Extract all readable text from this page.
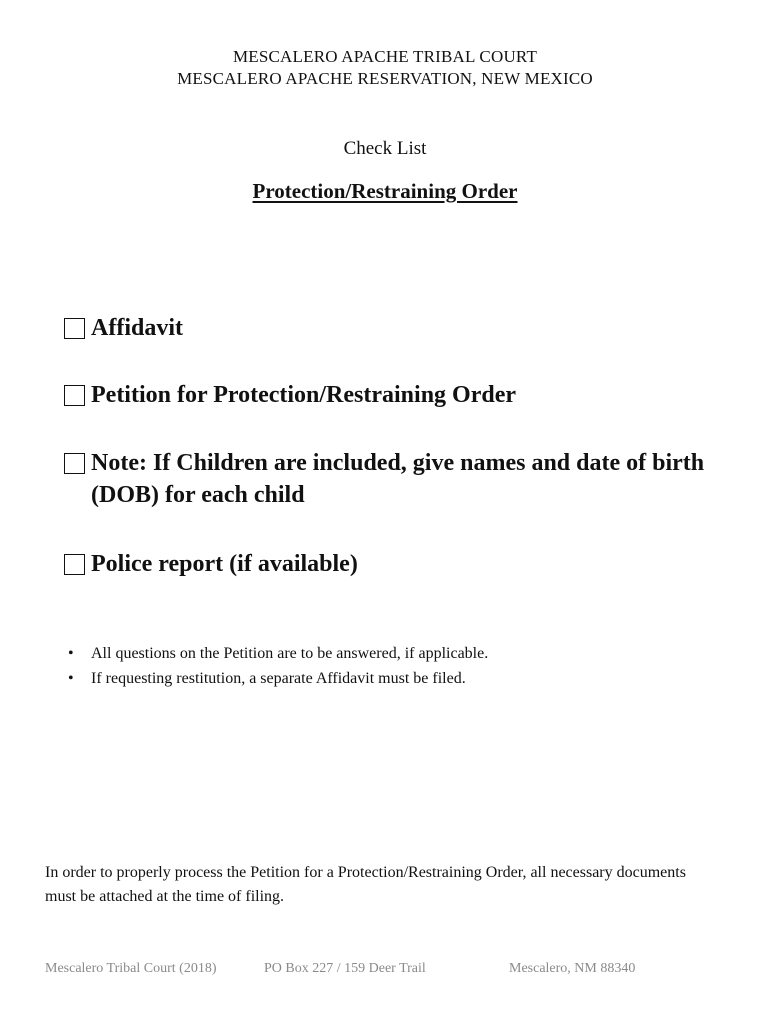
MESCALERO APACHE TRIBAL COURT
MESCALERO APACHE RESERVATION, NEW MEXICO
Check List
Protection/Restraining Order
Affidavit
Petition for Protection/Restraining Order
Note: If Children are included, give names and date of birth (DOB) for each child
Police report (if available)
• All questions on the Petition are to be answered, if applicable.
• If requesting restitution, a separate Affidavit must be filed.
In order to properly process the Petition for a Protection/Restraining Order, all necessary documents must be attached at the time of filing.
Mescalero Tribal Court (2018)	PO Box 227 / 159 Deer Trail	Mescalero, NM 88340
